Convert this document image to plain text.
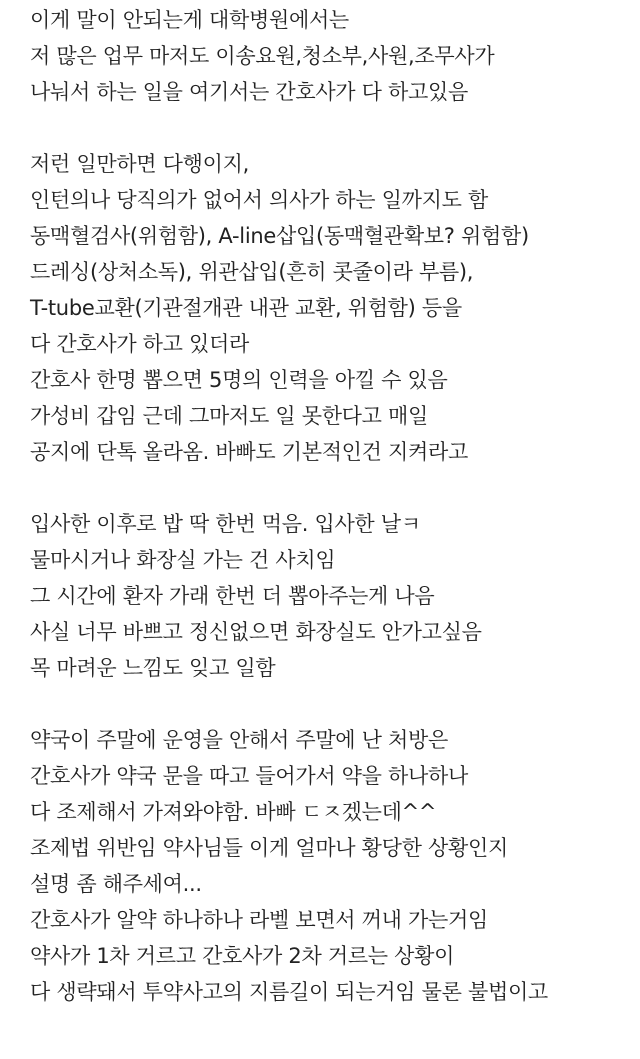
이게 말이 안되는게 대학병원에서는
저 많은 업무 마저도 이송요원,청소부,사원,조무사가
나눠서 하는 일을 여기서는 간호사가 다 하고있음
저런 일만하면 다행이지,
인턴의나 당직의가 없어서 의사가 하는 일까지도 함
동맥혈검사(위험함), A-line삽입(동맥혈관확보? 위험함)
드레싱(상처소독), 위관삽입(흔히 콧줄이라 부름),
T-tube교환(기관절개관 내관 교환, 위험함) 등을
다 간호사가 하고 있더라
간호사 한명 뽑으면 5명의 인력을 아낄 수 있음
가성비 갑임 근데 그마저도 일 못한다고 매일
공지에 단톡 올라옴. 바빠도 기본적인건 지켜라고
입사한 이후로 밥 딱 한번 먹음. 입사한 날ㅋ
물마시거나 화장실 가는 건 사치임
그 시간에 환자 가래 한번 더 뽑아주는게 나음
사실 너무 바쁘고 정신없으면 화장실도 안가고싶음
목 마려운 느낌도 잊고 일함
약국이 주말에 운영을 안해서 주말에 난 처방은
간호사가 약국 문을 따고 들어가서 약을 하나하나
다 조제해서 가져와야함. 바빠 ㄷㅈ겠는데^^
조제법 위반임 약사님들 이게 얼마나 황당한 상황인지
설명 좀 해주세여...
간호사가 알약 하나하나 라벨 보면서 꺼내 가는거임
약사가 1차 거르고 간호사가 2차 거르는 상황이
다 생략돼서 투약사고의 지름길이 되는거임 물론 불법이고
